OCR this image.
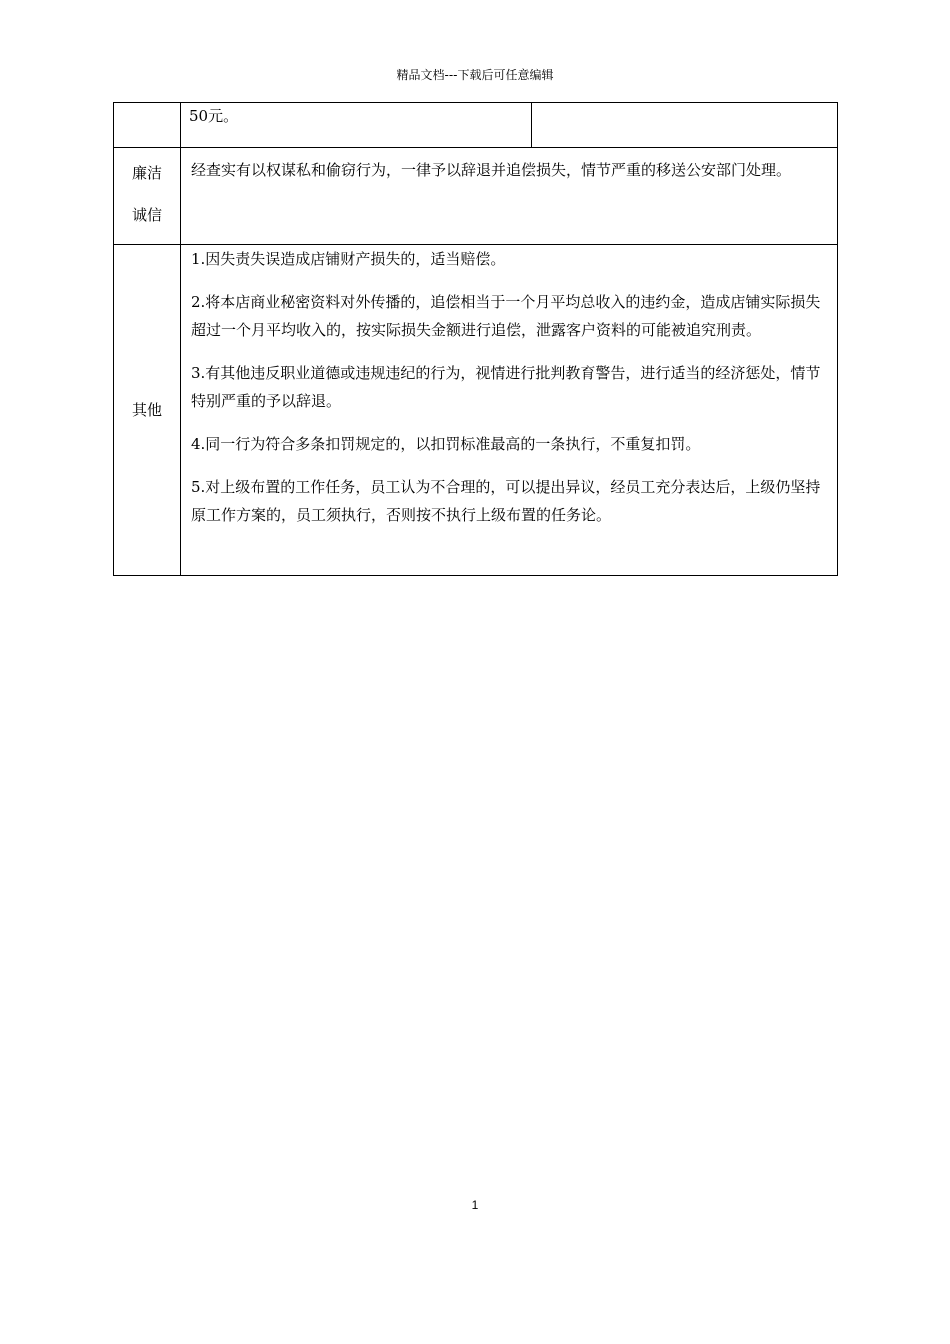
精品文档---下载后可任意编辑
	50元。	

廉洁
诚信	经查实有以权谋私和偷窃行为，一律予以辞退并追偿损失，情节严重的移送公安部门处理。	
其他	1.因失责失误造成店铺财产损失的，适当赔偿。

2.将本店商业秘密资料对外传播的，追偿相当于一个月平均总收入的违约金，造成店铺实际损失超过一个月平均收入的，按实际损失金额进行追偿，泄露客户资料的可能被追究刑责。

3.有其他违反职业道德或违规违纪的行为，视情进行批判教育警告，进行适当的经济惩处，情节特别严重的予以辞退。

4.同一行为符合多条扣罚规定的，以扣罚标准最高的一条执行，不重复扣罚。

5.对上级布置的工作任务，员工认为不合理的，可以提出异议，经员工充分表达后，上级仍坚持原工作方案的，员工须执行，否则按不执行上级布置的任务论。	

1
